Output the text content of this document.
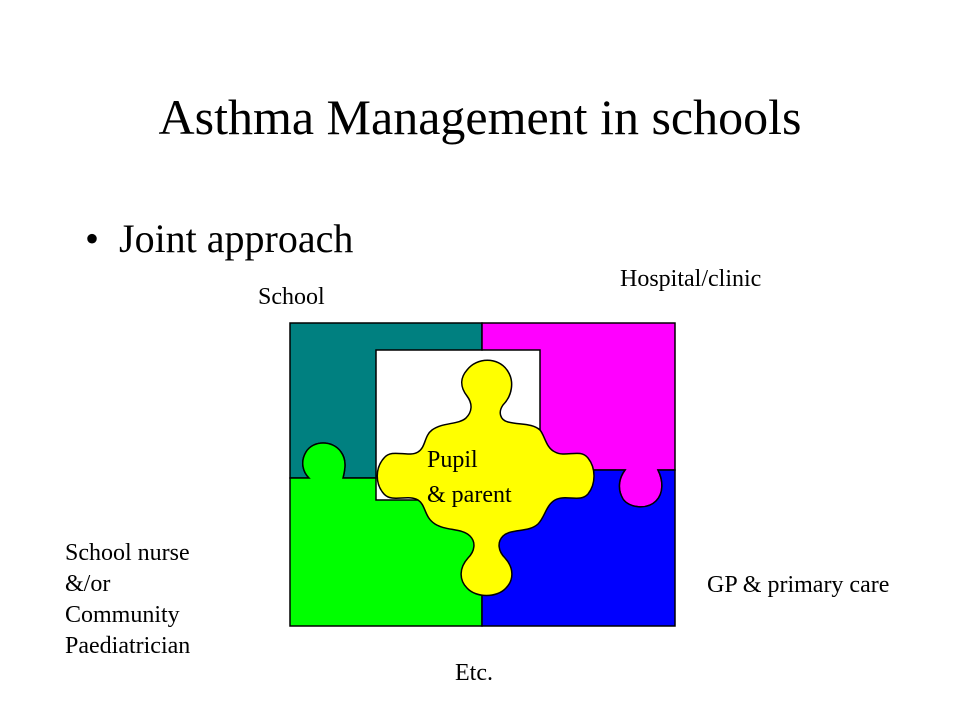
Asthma Management in schools
• Joint approach
School
Hospital/clinic
School nurse
&/or
Community
Paediatrician
GP & primary care
Etc.
Pupil
& parent
